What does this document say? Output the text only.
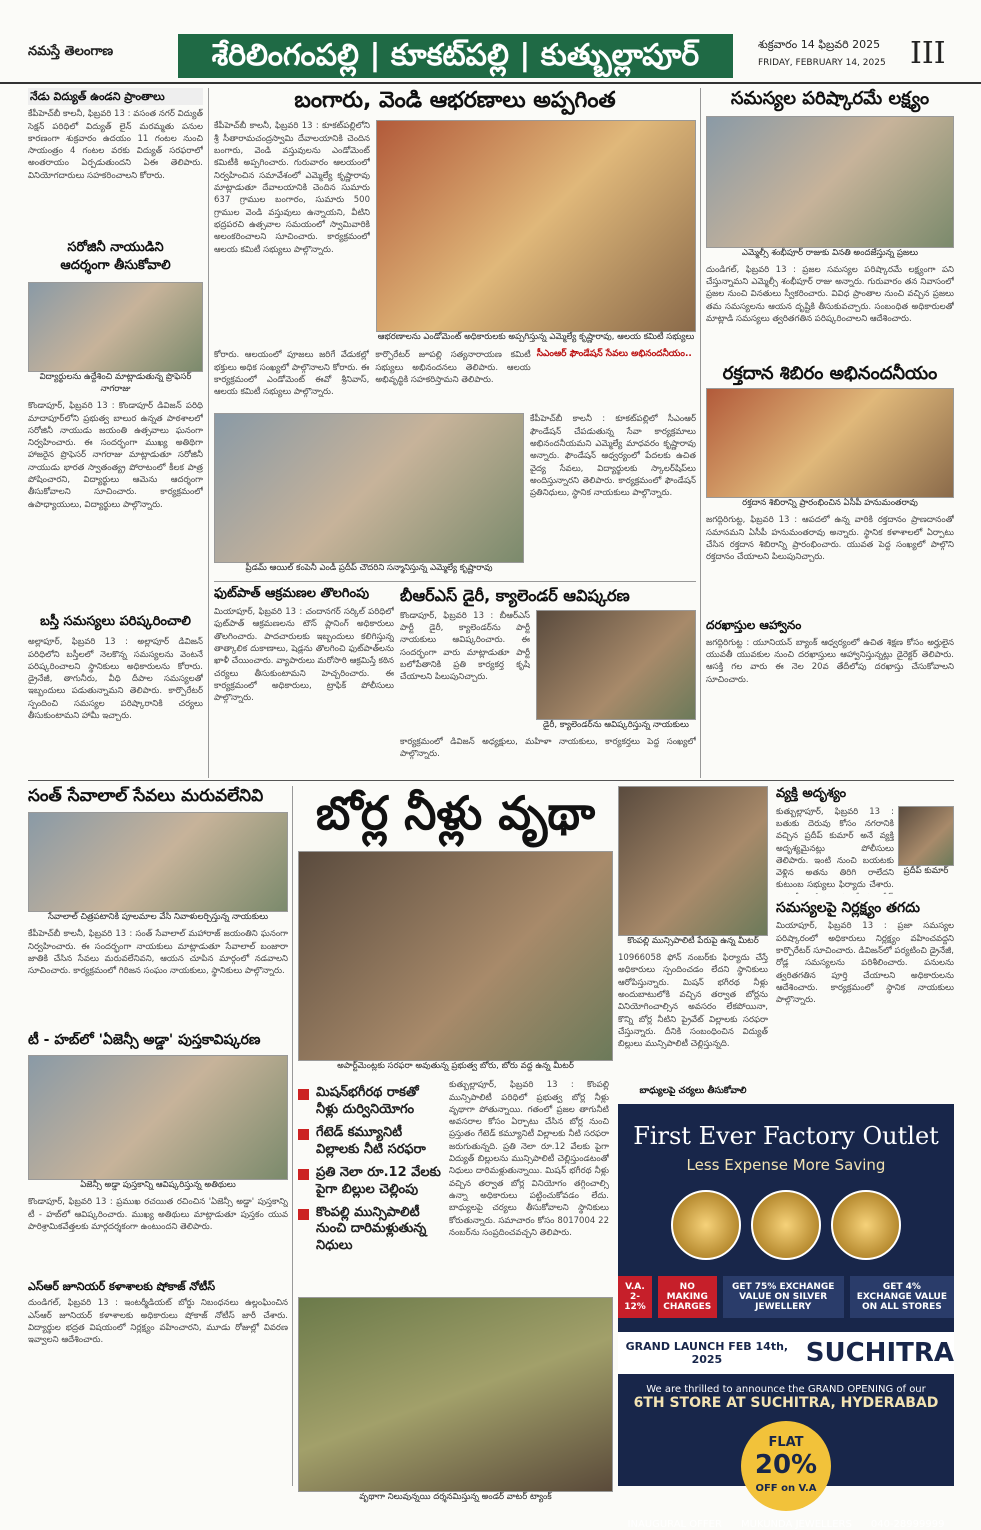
నమస్తే తెలంగాణ	శేరిలింగంపల్లి | కూకట్‌పల్లి | కుత్బుల్లాపూర్	శుక్రవారం 14 ఫిబ్రవరి 2025
FRIDAY, FEBRUARY 14, 2025 III
నేడు విద్యుత్ ఉండని ప్రాంతాలు
కేపీహెచ్‌బీ కాలనీ, ఫిబ్రవరి 13 : వసంత నగర్ విద్యుత్ సెక్షన్ పరిధిలో విద్యుత్ లైన్ మరమ్మతు పనుల కారణంగా శుక్రవారం ఉదయం 11 గంటల నుంచి సాయంత్రం 4 గంటల వరకు విద్యుత్ సరఫరాలో అంతరాయం ఏర్పడుతుందని ఏఈ తెలిపారు. వినియోగదారులు సహకరించాలని కోరారు.
సరోజినీ నాయుడిని
ఆదర్శంగా తీసుకోవాలి
విద్యార్థులను ఉద్దేశించి మాట్లాడుతున్న ప్రొఫెసర్ నాగరాజు
కొండాపూర్, ఫిబ్రవరి 13 : కొండాపూర్ డివిజన్ పరిధి మాదాపూర్‌లోని ప్రభుత్వ బాలుర ఉన్నత పాఠశాలలో సరోజినీ నాయుడు జయంతి ఉత్సవాలు ఘనంగా నిర్వహించారు. ఈ సందర్భంగా ముఖ్య అతిథిగా హాజరైన ప్రొఫెసర్ నాగరాజు మాట్లాడుతూ సరోజినీ నాయుడు భారత స్వాతంత్య్ర పోరాటంలో కీలక పాత్ర పోషించారని, విద్యార్థులు ఆమెను ఆదర్శంగా తీసుకోవాలని సూచించారు. కార్యక్రమంలో ఉపాధ్యాయులు, విద్యార్థులు పాల్గొన్నారు.
బస్తీ సమస్యలు పరిష్కరించాలి
అల్లాపూర్, ఫిబ్రవరి 13 : అల్లాపూర్ డివిజన్ పరిధిలోని బస్తీలలో నెలకొన్న సమస్యలను వెంటనే పరిష్కరించాలని స్థానికులు అధికారులను కోరారు. డ్రైనేజీ, తాగునీరు, వీధి దీపాల సమస్యలతో ఇబ్బందులు పడుతున్నామని తెలిపారు. కార్పొరేటర్ స్పందించి సమస్యల పరిష్కారానికి చర్యలు తీసుకుంటామని హామీ ఇచ్చారు.
బంగారు, వెండి ఆభరణాలు అప్పగింత
కేపీహెచ్‌బీ కాలనీ, ఫిబ్రవరి 13 : కూకట్‌పల్లిలోని శ్రీ సీతారామచంద్రస్వామి దేవాలయానికి చెందిన బంగారు, వెండి వస్తువులను ఎండోమెంట్ కమిటీకి అప్పగించారు. గురువారం ఆలయంలో నిర్వహించిన సమావేశంలో ఎమ్మెల్యే కృష్ణారావు మాట్లాడుతూ దేవాలయానికి చెందిన సుమారు 637 గ్రాముల బంగారం, సుమారు 500 గ్రాముల వెండి వస్తువులు ఉన్నాయని, వీటిని భద్రపరచి ఉత్సవాల సమయంలో స్వామివారికి అలంకరించాలని సూచించారు. కార్యక్రమంలో ఆలయ కమిటీ సభ్యులు పాల్గొన్నారు.
ఆభరణాలను ఎండోమెంట్ అధికారులకు అప్పగిస్తున్న ఎమ్మెల్యే కృష్ణారావు, ఆలయ కమిటీ సభ్యులు
కోరారు. ఆలయంలో పూజలు జరిగే వేడుకల్లో భక్తులు అధిక సంఖ్యలో పాల్గొనాలని కోరారు. ఈ కార్యక్రమంలో ఎండోమెంట్ ఈవో శ్రీనివాస్, ఆలయ కమిటీ సభ్యులు పాల్గొన్నారు.
కార్పొరేటర్ జూపల్లి సత్యనారాయణ కమిటీ సభ్యులు అభినందనలు తెలిపారు. ఆలయ అభివృద్ధికి సహకరిస్తామని తెలిపారు.
సీఎంఆర్ ఫౌండేషన్ సేవలు అభినందనీయం..
ప్రీడమ్ ఆయిల్ కంపెనీ ఎండీ ప్రదీప్ చౌదరిని సన్మానిస్తున్న ఎమ్మెల్యే కృష్ణారావు
కేపీహెచ్‌బీ కాలనీ : కూకట్‌పల్లిలో సీఎంఆర్ ఫౌండేషన్ చేపడుతున్న సేవా కార్యక్రమాలు అభినందనీయమని ఎమ్మెల్యే మాధవరం కృష్ణారావు అన్నారు. ఫౌండేషన్ ఆధ్వర్యంలో పేదలకు ఉచిత వైద్య సేవలు, విద్యార్థులకు స్కాలర్‌షిప్‌లు అందిస్తున్నారని తెలిపారు. కార్యక్రమంలో ఫౌండేషన్ ప్రతినిధులు, స్థానిక నాయకులు పాల్గొన్నారు.
ఫుట్‌పాత్ ఆక్రమణల తొలగింపు
మియాపూర్, ఫిబ్రవరి 13 : చందానగర్ సర్కిల్ పరిధిలో ఫుట్‌పాత్ ఆక్రమణలను టౌన్ ప్లానింగ్ అధికారులు తొలగించారు. పాదచారులకు ఇబ్బందులు కలిగిస్తున్న తాత్కాలిక దుకాణాలు, షెడ్లను తొలగించి ఫుట్‌పాత్‌లను ఖాళీ చేయించారు. వ్యాపారులు మరోసారి ఆక్రమిస్తే కఠిన చర్యలు తీసుకుంటామని హెచ్చరించారు. ఈ కార్యక్రమంలో అధికారులు, ట్రాఫిక్ పోలీసులు పాల్గొన్నారు.
బీఆర్‌ఎస్ డైరీ, క్యాలెండర్ ఆవిష్కరణ
కొండాపూర్, ఫిబ్రవరి 13 : బీఆర్‌ఎస్ పార్టీ డైరీ, క్యాలెండర్‌ను పార్టీ నాయకులు ఆవిష్కరించారు. ఈ సందర్భంగా వారు మాట్లాడుతూ పార్టీ బలోపేతానికి ప్రతి కార్యకర్త కృషి చేయాలని పిలుపునిచ్చారు.
డైరీ, క్యాలెండర్‌ను ఆవిష్కరిస్తున్న నాయకులు
కార్యక్రమంలో డివిజన్ అధ్యక్షులు, మహిళా నాయకులు, కార్యకర్తలు పెద్ద సంఖ్యలో పాల్గొన్నారు.
సమస్యల పరిష్కారమే లక్ష్యం
ఎమ్మెల్సీ శంభీపూర్ రాజుకు వినతి అందజేస్తున్న ప్రజలు
దుండిగల్, ఫిబ్రవరి 13 : ప్రజల సమస్యల పరిష్కారమే లక్ష్యంగా పని చేస్తున్నామని ఎమ్మెల్సీ శంభీపూర్ రాజు అన్నారు. గురువారం తన నివాసంలో ప్రజల నుంచి వినతులు స్వీకరించారు. వివిధ ప్రాంతాల నుంచి వచ్చిన ప్రజలు తమ సమస్యలను ఆయన దృష్టికి తీసుకువచ్చారు. సంబంధిత అధికారులతో మాట్లాడి సమస్యలు త్వరితగతిన పరిష్కరించాలని ఆదేశించారు.
రక్తదాన శిబిరం అభినందనీయం
రక్తదాన శిబిరాన్ని ప్రారంభించిన ఏసీపీ హనుమంతరావు
జగద్గిరిగుట్ట, ఫిబ్రవరి 13 : ఆపదలో ఉన్న వారికి రక్తదానం ప్రాణదానంతో సమానమని ఏసీపీ హనుమంతరావు అన్నారు. స్థానిక కళాశాలలో ఏర్పాటు చేసిన రక్తదాన శిబిరాన్ని ప్రారంభించారు. యువత పెద్ద సంఖ్యలో పాల్గొని రక్తదానం చేయాలని పిలుపునిచ్చారు.
దరఖాస్తుల ఆహ్వానం
జగద్గిరిగుట్ట : యూనియన్ బ్యాంక్ ఆధ్వర్యంలో ఉచిత శిక్షణ కోసం అర్హులైన యువతీ యువకుల నుంచి దరఖాస్తులు ఆహ్వానిస్తున్నట్లు డైరెక్టర్ తెలిపారు. ఆసక్తి గల వారు ఈ నెల 20వ తేదీలోపు దరఖాస్తు చేసుకోవాలని సూచించారు.
సంత్ సేవాలాల్ సేవలు మరువలేనివి
సేవాలాల్ చిత్రపటానికి పూలమాల వేసి నివాళులర్పిస్తున్న నాయకులు
కేపీహెచ్‌బీ కాలనీ, ఫిబ్రవరి 13 : సంత్ సేవాలాల్ మహారాజ్ జయంతిని ఘనంగా నిర్వహించారు. ఈ సందర్భంగా నాయకులు మాట్లాడుతూ సేవాలాల్ బంజారా జాతికి చేసిన సేవలు మరువలేనివని, ఆయన చూపిన మార్గంలో నడవాలని సూచించారు. కార్యక్రమంలో గిరిజన సంఘం నాయకులు, స్థానికులు పాల్గొన్నారు.
టీ - హబ్‌లో 'ఏజెన్సీ అడ్డా' పుస్తకావిష్కరణ
ఏజెన్సీ అడ్డా పుస్తకాన్ని ఆవిష్కరిస్తున్న అతిథులు
కొండాపూర్, ఫిబ్రవరి 13 : ప్రముఖ రచయిత రచించిన 'ఏజెన్సీ అడ్డా' పుస్తకాన్ని టీ - హబ్‌లో ఆవిష్కరించారు. ముఖ్య అతిథులు మాట్లాడుతూ పుస్తకం యువ పారిశ్రామికవేత్తలకు మార్గదర్శకంగా ఉంటుందని తెలిపారు.
ఎస్‌ఆర్ జూనియర్ కళాశాలకు షోకాజ్ నోటీస్
దుండిగల్, ఫిబ్రవరి 13 : ఇంటర్మీడియట్ బోర్డు నిబంధనలు ఉల్లంఘించిన ఎస్‌ఆర్ జూనియర్ కళాశాలకు అధికారులు షోకాజ్ నోటీస్ జారీ చేశారు. విద్యార్థుల భద్రత విషయంలో నిర్లక్ష్యం వహించారని, మూడు రోజుల్లో వివరణ ఇవ్వాలని ఆదేశించారు.
బోర్ల నీళ్లు వృథా
అపార్ట్‌మెంట్లకు సరఫరా అవుతున్న ప్రభుత్వ బోరు, బోరు వద్ద ఉన్న మీటర్
మిషన్‌భగీరథ రాకతో నీళ్లు దుర్వినియోగం
గేటెడ్ కమ్యూనిటీ విల్లాలకు నీటి సరఫరా
ప్రతి నెలా రూ.12 వేలకు పైగా బిల్లుల చెల్లింపు
కొంపల్లి మున్సిపాలిటీ నుంచి దారిమళ్లుతున్న నిధులు
కుత్బుల్లాపూర్, ఫిబ్రవరి 13 : కొంపల్లి మున్సిపాలిటీ పరిధిలో ప్రభుత్వ బోర్ల నీళ్లు వృథాగా పోతున్నాయి. గతంలో ప్రజల తాగునీటి అవసరాల కోసం ఏర్పాటు చేసిన బోర్ల నుంచి ప్రస్తుతం గేటెడ్ కమ్యూనిటీ విల్లాలకు నీటి సరఫరా జరుగుతున్నది. ప్రతి నెలా రూ.12 వేలకు పైగా విద్యుత్ బిల్లులను మున్సిపాలిటీ చెల్లిస్తుండటంతో నిధులు దారిమళ్లుతున్నాయి. మిషన్ భగీరథ నీళ్లు వచ్చిన తర్వాత బోర్ల వినియోగం తగ్గించాల్సి ఉన్నా అధికారులు పట్టించుకోవడం లేదు. బాధ్యులపై చర్యలు తీసుకోవాలని స్థానికులు కోరుతున్నారు. సమాచారం కోసం 8017004 22 నంబర్‌ను సంప్రదించవచ్చని తెలిపారు.
వృథాగా నిలువున్నయి దర్శనమిస్తున్న అండర్ వాటర్ ట్యాంక్
కొంపల్లి మున్సిపాలిటీ పేరుపై ఉన్న మీటర్
10966058 ఫోన్ నంబర్‌కు ఫిర్యాదు చేస్తే అధికారులు స్పందించడం లేదని స్థానికులు ఆరోపిస్తున్నారు. మిషన్ భగీరథ నీళ్లు అందుబాటులోకి వచ్చిన తర్వాత బోర్లను వినియోగించాల్సిన అవసరం లేకపోయినా, కొన్ని బోర్ల నీటిని ప్రైవేట్ విల్లాలకు సరఫరా చేస్తున్నారు. దీనికి సంబంధించిన విద్యుత్ బిల్లులు మున్సిపాలిటీ చెల్లిస్తున్నది.
బాధ్యులపై చర్యలు తీసుకోవాలి
వ్యక్తి అదృశ్యం
కుత్బుల్లాపూర్, ఫిబ్రవరి 13 : బతుకు దెరువు కోసం నగరానికి వచ్చిన ప్రదీప్ కుమార్ అనే వ్యక్తి అదృశ్యమైనట్లు పోలీసులు తెలిపారు. ఇంటి నుంచి బయటకు వెళ్లిన అతను తిరిగి రాలేదని కుటుంబ సభ్యులు ఫిర్యాదు చేశారు.
ప్రదీప్ కుమార్
సమస్యలపై నిర్లక్ష్యం తగదు
మియాపూర్, ఫిబ్రవరి 13 : ప్రజా సమస్యల పరిష్కారంలో అధికారులు నిర్లక్ష్యం వహించవద్దని కార్పొరేటర్ సూచించారు. డివిజన్‌లో పర్యటించి డ్రైనేజీ, రోడ్ల సమస్యలను పరిశీలించారు. పనులను త్వరితగతిన పూర్తి చేయాలని అధికారులను ఆదేశించారు. కార్యక్రమంలో స్థానిక నాయకులు పాల్గొన్నారు.
First Ever Factory Outlet
Less Expense More Saving
V.A. 2-12%
NO MAKING CHARGES
GET 75% EXCHANGE VALUE ON SILVER JEWELLERY
GET 4% EXCHANGE VALUE ON ALL STORES
GRAND LAUNCH FEB 14th, 2025	SUCHITRA
We are thrilled to announce the GRAND OPENING of our
6TH STORE AT SUCHITRA, HYDERABAD
FLAT
20%
OFF on V.A
INAUGURAL OFFER MUKUNDA JEWELLERS 040-28999999
